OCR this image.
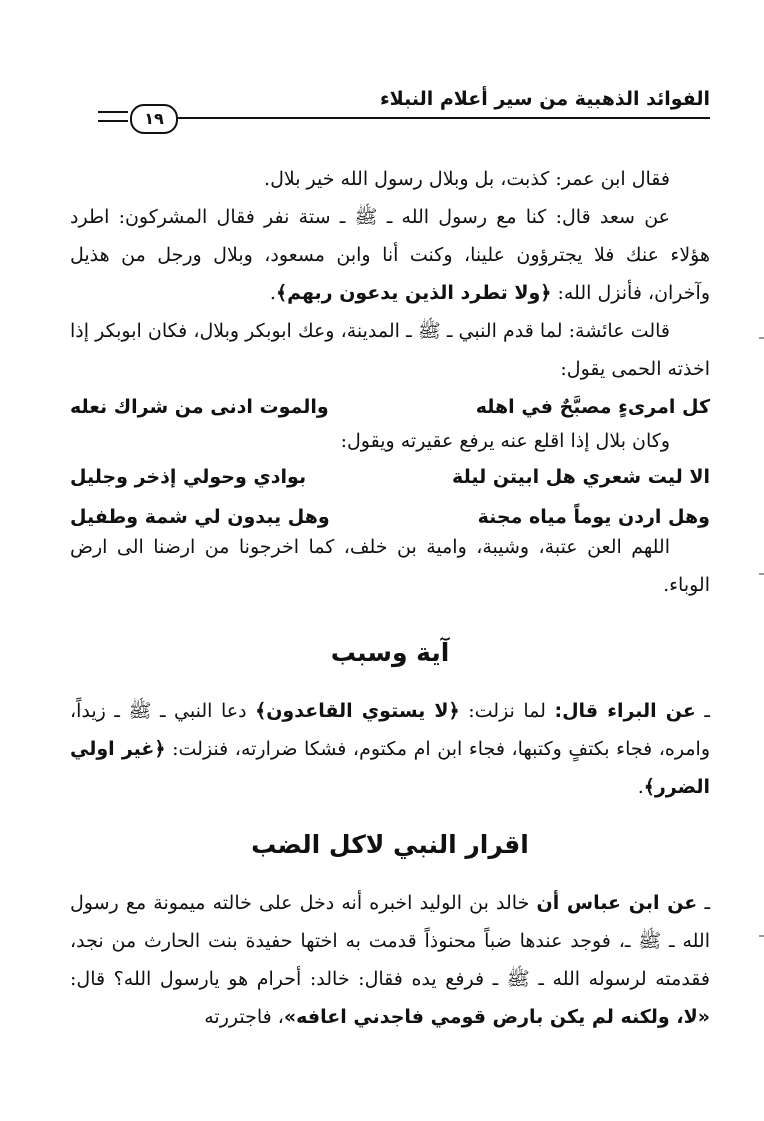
الفوائد الذهبية من سير أعلام النبلاء
١٩

فقال ابن عمر: كذبت، بل وبلال رسول الله خير بلال.

عن سعد قال: كنا مع رسول الله ـ ﷺ ـ ستة نفر فقال المشركون: اطرد هؤلاء عنك فلا يجترؤون علينا، وكنت أنا وابن مسعود، وبلال ورجل من هذيل وآخران، فأنزل الله: ﴿ولا تطرد الذين يدعون ربهم﴾.

قالت عائشة: لما قدم النبي ـ ﷺ ـ المدينة، وعك ابوبكر وبلال، فكان ابوبكر إذا اخذته الحمى يقول:

كل امرىءٍ مصبَّحٌ في اهله
والموت ادنى من شراك نعله

وكان بلال إذا اقلع عنه يرفع عقيرته ويقول:

الا ليت شعري هل ابيتن ليلة
بوادي وحولي إذخر وجليل
وهل اردن يوماً مياه مجنة
وهل يبدون لي شمة وطفيل

اللهم العن عتبة، وشيبة، وامية بن خلف، كما اخرجونا من ارضنا الى ارض الوباء.

آية وسبب

ـ عن البراء قال: لما نزلت: ﴿لا يستوي القاعدون﴾ دعا النبي ـ ﷺ ـ زيداً، وامره، فجاء بكتفٍ وكتبها، فجاء ابن ام مكتوم، فشكا ضرارته، فنزلت: ﴿غير اولي الضرر﴾.

اقرار النبي لاكل الضب

ـ عن ابن عباس أن خالد بن الوليد اخبره أنه دخل على خالته ميمونة مع رسول الله ـ ﷺ ـ، فوجد عندها ضباً محنوذاً قدمت به اختها حفيدة بنت الحارث من نجد، فقدمته لرسوله الله ـ ﷺ ـ فرفع يده فقال: خالد: أحرام هو يارسول الله؟ قال: «لا، ولكنه لم يكن بارض قومي فاجدني اعافه»، فاجتررته
